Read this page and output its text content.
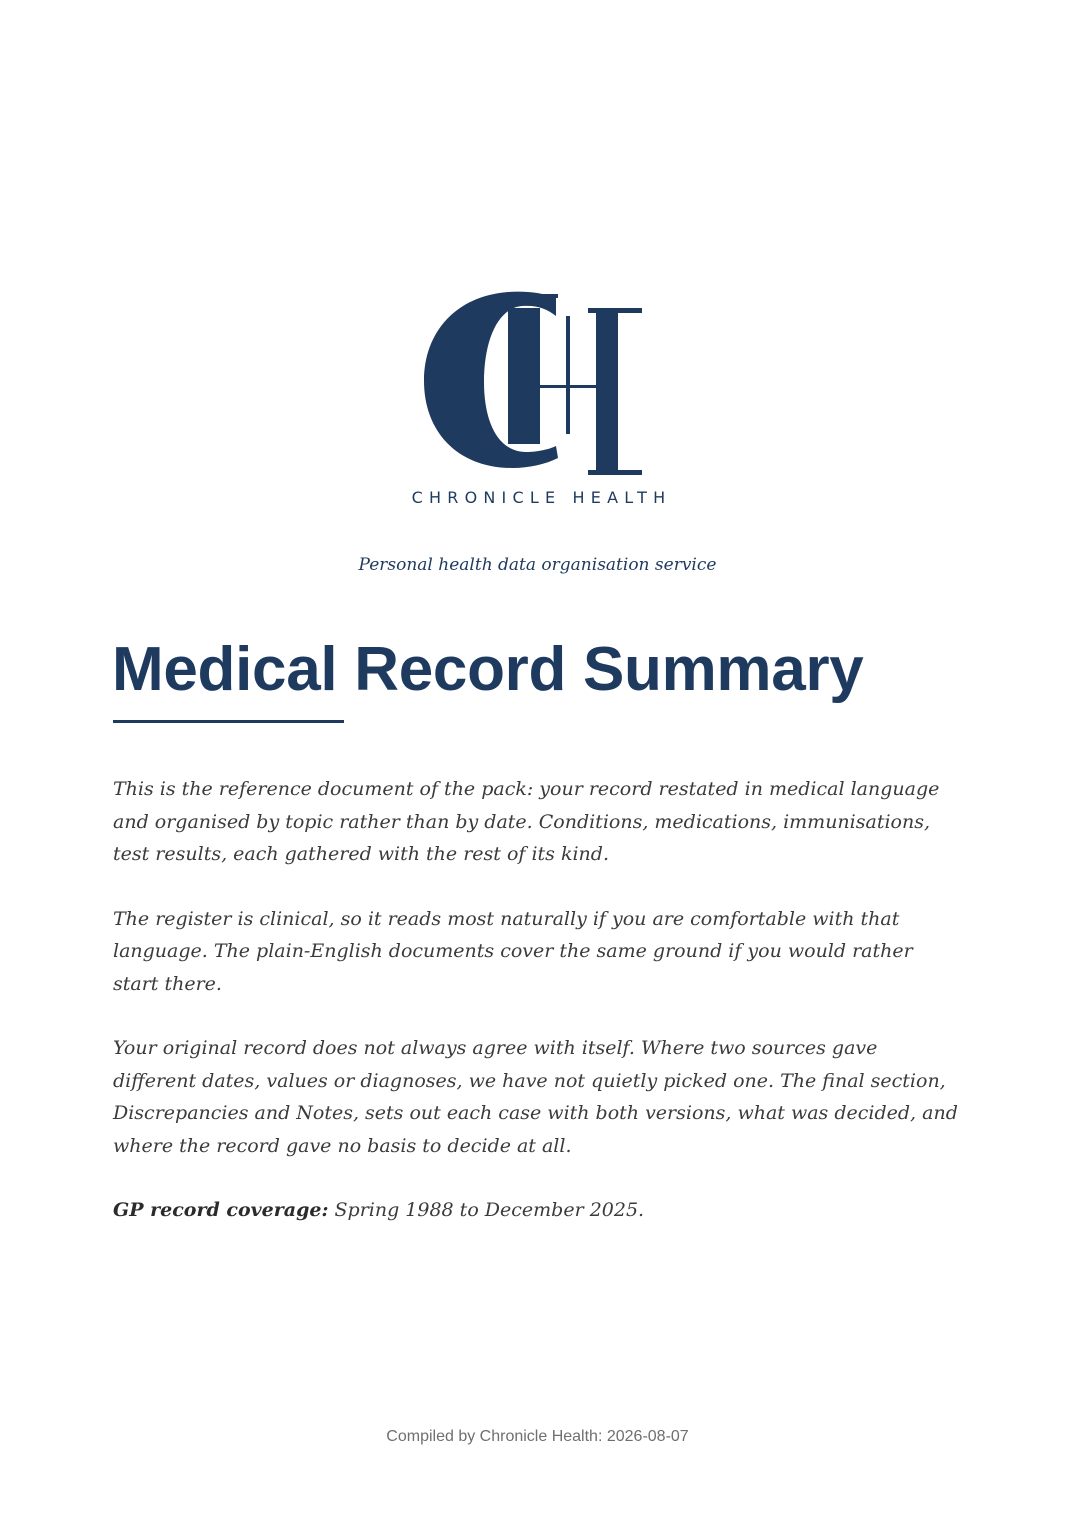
CHRONICLE HEALTH
Personal health data organisation service
Medical Record Summary

This is the reference document of the pack: your record restated in medical language and organised by topic rather than by date. Conditions, medications, immunisations, test results, each gathered with the rest of its kind.

The register is clinical, so it reads most naturally if you are comfortable with that language. The plain-English documents cover the same ground if you would rather start there.

Your original record does not always agree with itself. Where two sources gave different dates, values or diagnoses, we have not quietly picked one. The final section, Discrepancies and Notes, sets out each case with both versions, what was decided, and where the record gave no basis to decide at all.

GP record coverage: Spring 1988 to December 2025.

Compiled by Chronicle Health: 2026-08-07
